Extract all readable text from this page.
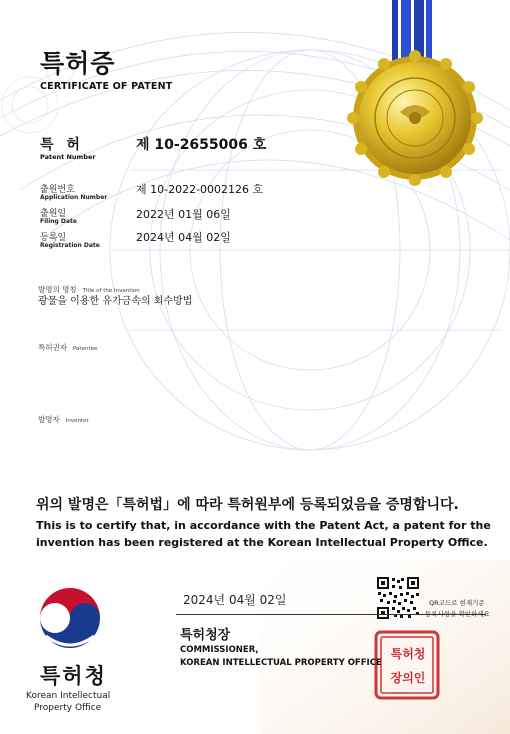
특허증
CERTIFICATE OF PATENT
특 허
Patent Number
제 10-2655006 호
출원번호
Application Number
제 10-2022-0002126 호
출원일
Filing Date
2022년 01월 06일
등록일
Registration Date
2024년 04월 02일
발명의 명칭 Title of the Invention
광물을 이용한 유가금속의 회수방법
특허권자 Patentee
발명자 Inventor
위의 발명은「특허법」에 따라 특허원부에 등록되었음을 증명합니다.
This is to certify that, in accordance with the Patent Act, a patent for the
invention has been registered at the Korean Intellectual Property Office.
2024년 04월 02일
특허청장
COMMISSIONER,
KOREAN INTELLECTUAL PROPERTY OFFICE
QR코드로 현재기준
등록사항을 확인하세요
특허청
장의인
특허청
Korean Intellectual
Property Office
